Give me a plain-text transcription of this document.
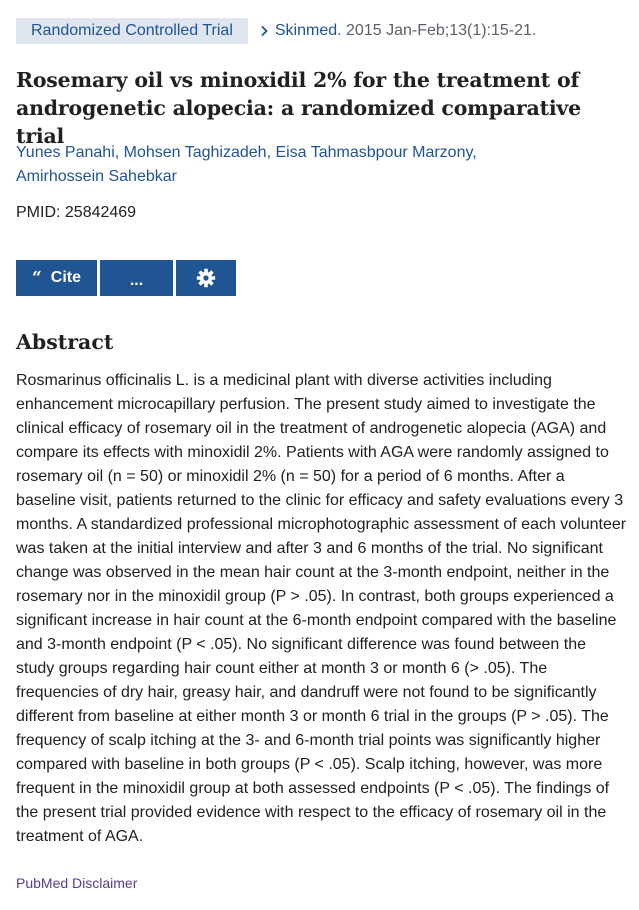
Randomized Controlled Trial	Skinmed. 2015 Jan-Feb;13(1):15-21.
Rosemary oil vs minoxidil 2% for the treatment of androgenetic alopecia: a randomized comparative trial
Yunes Panahi, Mohsen Taghizadeh, Eisa Tahmasbpour Marzony,
Amirhossein Sahebkar
PMID: 25842469
“ Cite	...
Abstract

Rosmarinus officinalis L. is a medicinal plant with diverse activities including enhancement microcapillary perfusion. The present study aimed to investigate the clinical efficacy of rosemary oil in the treatment of androgenetic alopecia (AGA) and compare its effects with minoxidil 2%. Patients with AGA were randomly assigned to rosemary oil (n = 50) or minoxidil 2% (n = 50) for a period of 6 months. After a baseline visit, patients returned to the clinic for efficacy and safety evaluations every 3 months. A standardized professional microphotographic assessment of each volunteer was taken at the initial interview and after 3 and 6 months of the trial. No significant change was observed in the mean hair count at the 3-month endpoint, neither in the rosemary nor in the minoxidil group (P > .05). In contrast, both groups experienced a significant increase in hair count at the 6-month endpoint compared with the baseline and 3-month endpoint (P < .05). No significant difference was found between the study groups regarding hair count either at month 3 or month 6 (> .05). The frequencies of dry hair, greasy hair, and dandruff were not found to be significantly different from baseline at either month 3 or month 6 trial in the groups (P > .05). The frequency of scalp itching at the 3- and 6-month trial points was significantly higher compared with baseline in both groups (P < .05). Scalp itching, however, was more frequent in the minoxidil group at both assessed endpoints (P < .05). The findings of the present trial provided evidence with respect to the efficacy of rosemary oil in the treatment of AGA.

PubMed Disclaimer
